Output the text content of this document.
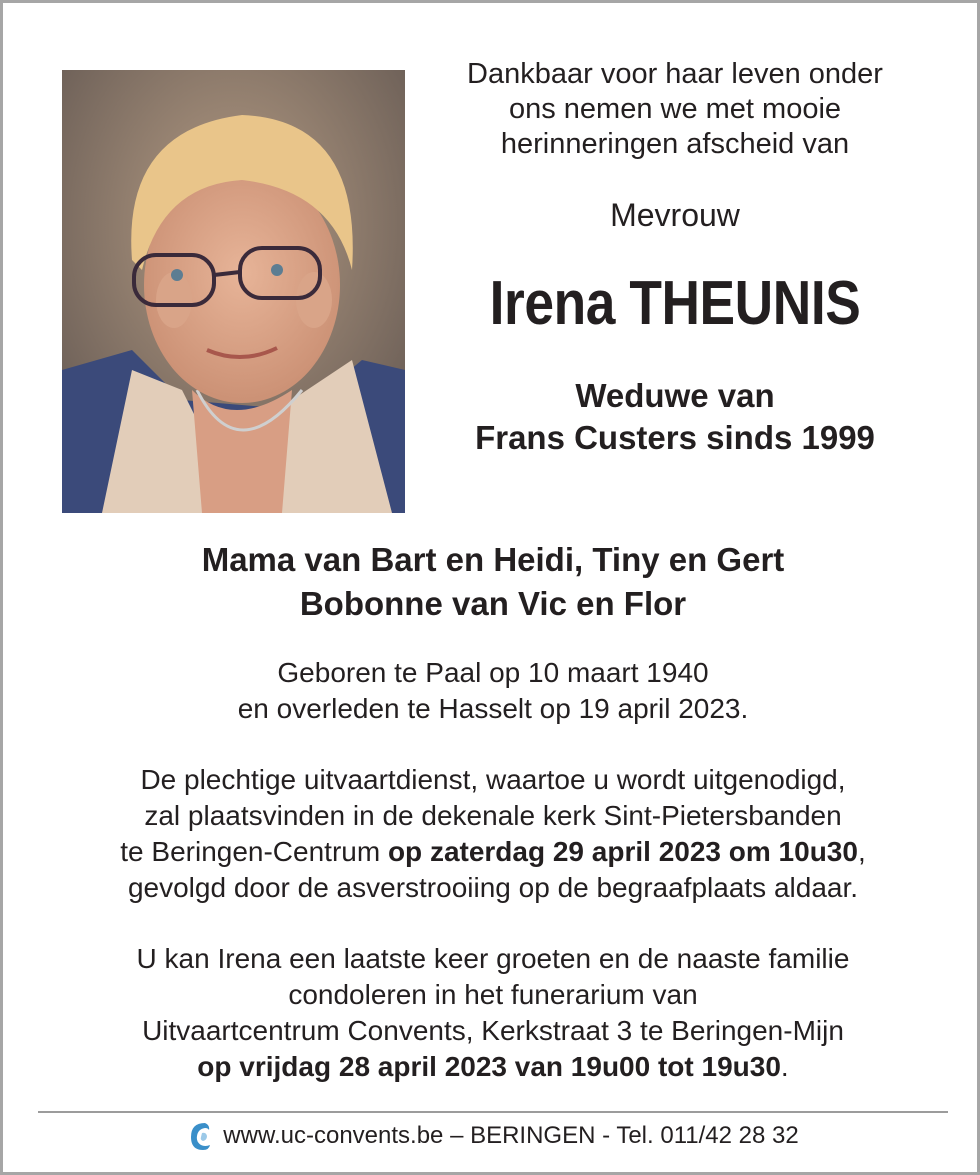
Dankbaar voor haar leven onder
ons nemen we met mooie
herinneringen afscheid van
Mevrouw
Irena THEUNIS
Weduwe van
Frans Custers sinds 1999
Mama van Bart en Heidi, Tiny en Gert
Bobonne van Vic en Flor
Geboren te Paal op 10 maart 1940
en overleden te Hasselt op 19 april 2023.
De plechtige uitvaartdienst, waartoe u wordt uitgenodigd,
zal plaatsvinden in de dekenale kerk Sint-Pietersbanden
te Beringen-Centrum op zaterdag 29 april 2023 om 10u30,
gevolgd door de asverstrooiing op de begraafplaats aldaar.
U kan Irena een laatste keer groeten en de naaste familie
condoleren in het funerarium van
Uitvaartcentrum Convents, Kerkstraat 3 te Beringen-Mijn
op vrijdag 28 april 2023 van 19u00 tot 19u30.
www.uc-convents.be – BERINGEN - Tel. 011/42 28 32
